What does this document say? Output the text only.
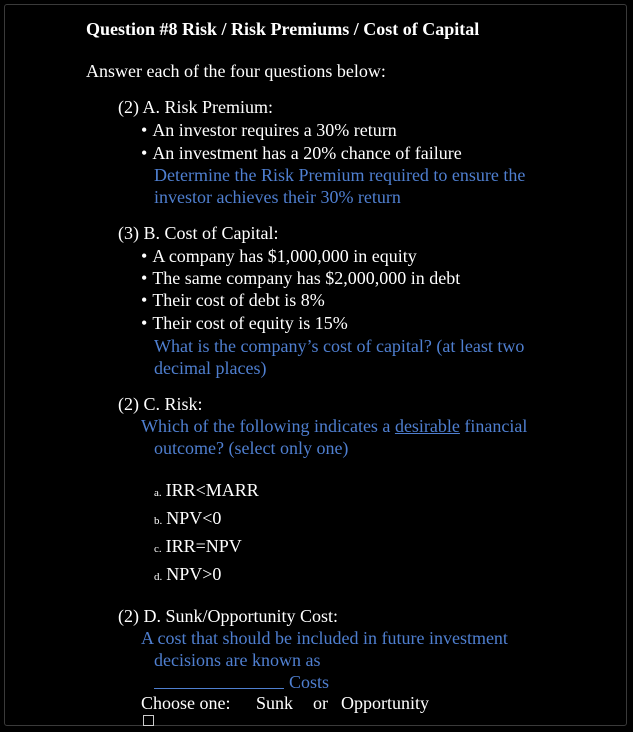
Question #8 Risk / Risk Premiums / Cost of Capital
Answer each of the four questions below:
(2) A. Risk Premium:
• An investor requires a 30% return
• An investment has a 20% chance of failure
Determine the Risk Premium required to ensure the
investor achieves their 30% return
(3) B. Cost of Capital:
• A company has $1,000,000 in equity
• The same company has $2,000,000 in debt
• Their cost of debt is 8%
• Their cost of equity is 15%
What is the company’s cost of capital? (at least two
decimal places)
(2) C. Risk:
Which of the following indicates a desirable financial
outcome? (select only one)
a. IRR<MARR
b. NPV<0
c. IRR=NPV
d. NPV>0
(2) D. Sunk/Opportunity Cost:
A cost that should be included in future investment
decisions are known as
Costs
Choose one: Sunk or Opportunity
